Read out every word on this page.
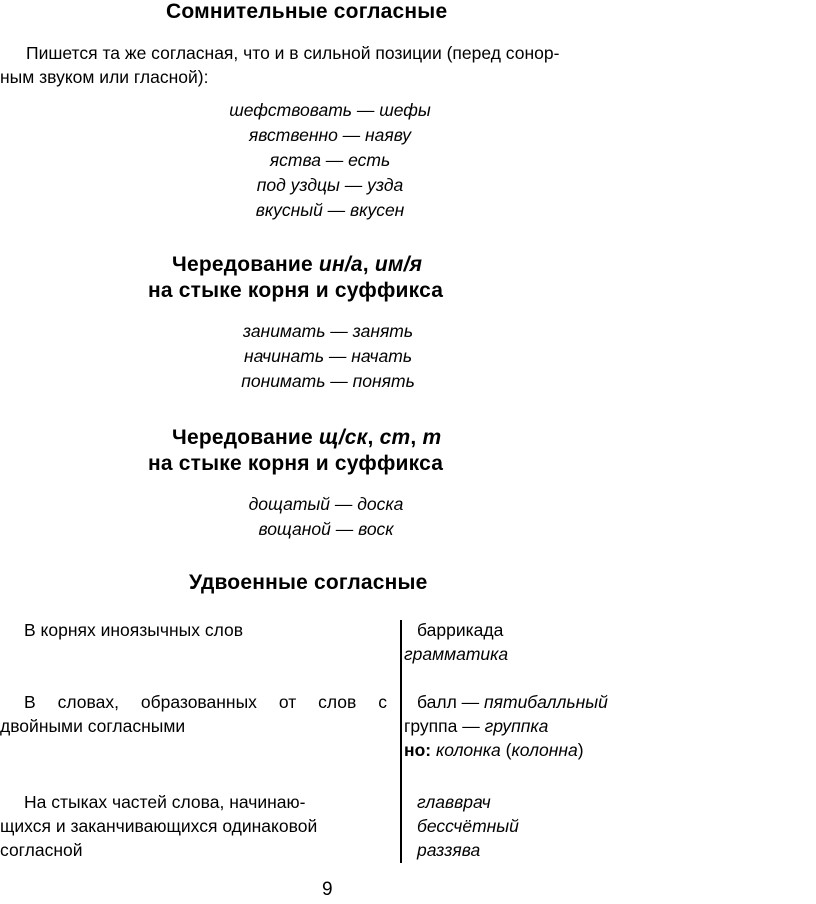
Сомнительные согласные
Пишется та же согласная, что и в сильной позиции (перед сонор-
ным звуком или гласной):
шефствовать — шефы
явственно — наяву
яства — есть
под уздцы — узда
вкусный — вкусен
Чередование ин/а, им/я
на стыке корня и суффикса
занимать — занять
начинать — начать
понимать — понять
Чередование щ/ск, ст, т
на стыке корня и суффикса
дощатый — доска
вощаной — воск
Удвоенные согласные
В корнях иноязычных слов	баррикада
грамматика
В словах, образованных от слов с двойными согласными
балл — пятибалльный
группа — группка
но: колонка (колонна)
На стыках частей слова, начинаю-
щихся и заканчивающихся одинаковой
согласной
главврач
бессчётный
раззява
9
